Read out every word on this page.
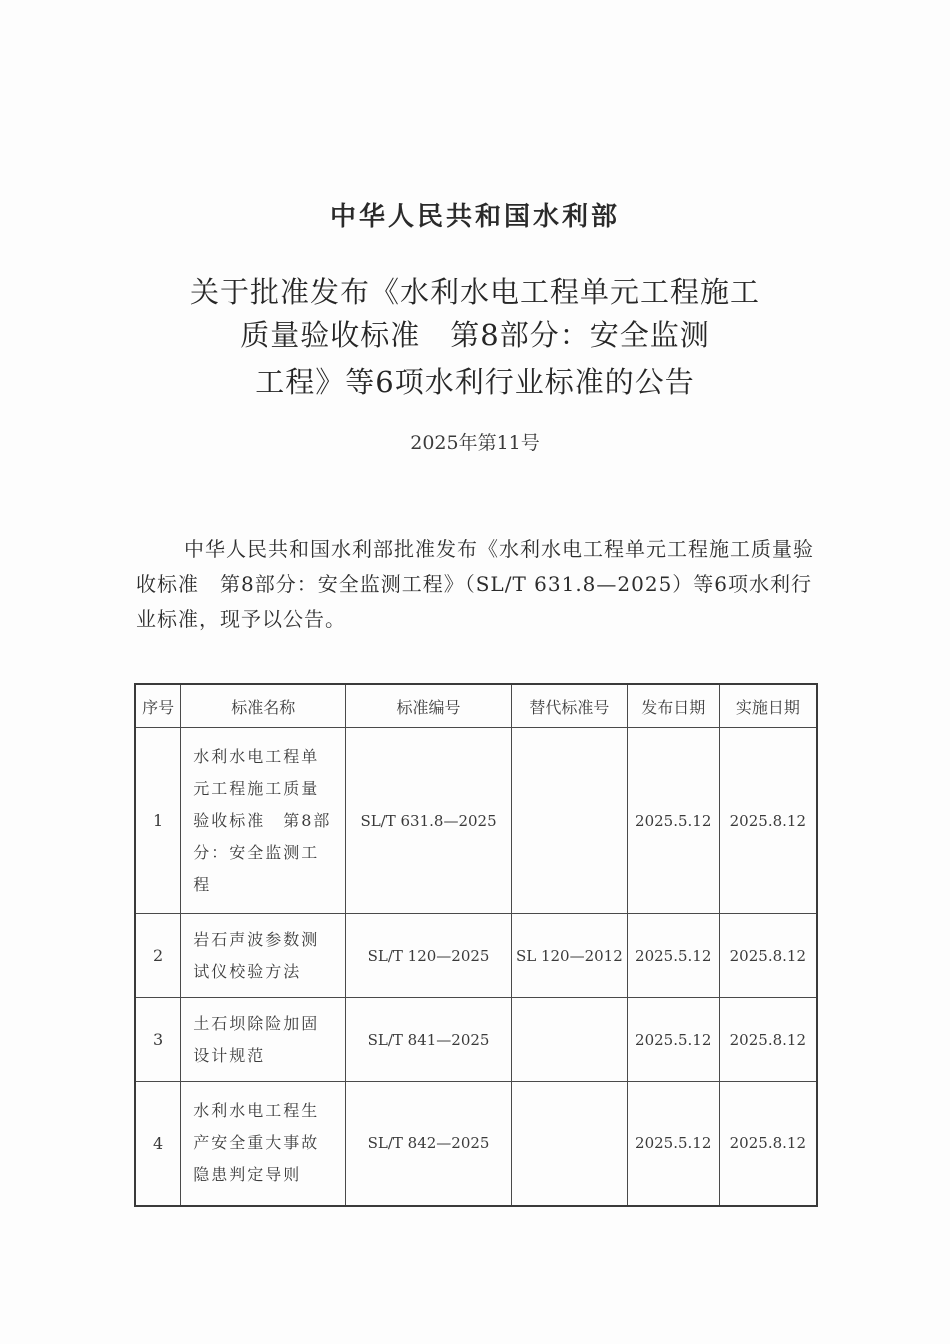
中华人民共和国水利部
关于批准发布《水利水电工程单元工程施工
质量验收标准　第8部分：安全监测
工程》等6项水利行业标准的公告
2025年第11号
中华人民共和国水利部批准发布《水利水电工程单元工程施工质量验收标准　第8部分：安全监测工程》（SL/T 631.8—2025）等6项水利行业标准，现予以公告。
序号	标准名称	标准编号	替代标准号	发布日期	实施日期
1	水利水电工程单元工程施工质量验收标准　第8部分：安全监测工程	SL/T 631.8—2025		2025.5.12	2025.8.12
2	岩石声波参数测试仪校验方法	SL/T 120—2025	SL 120—2012	2025.5.12	2025.8.12
3	土石坝除险加固设计规范	SL/T 841—2025		2025.5.12	2025.8.12
4	水利水电工程生产安全重大事故隐患判定导则	SL/T 842—2025		2025.5.12	2025.8.12
